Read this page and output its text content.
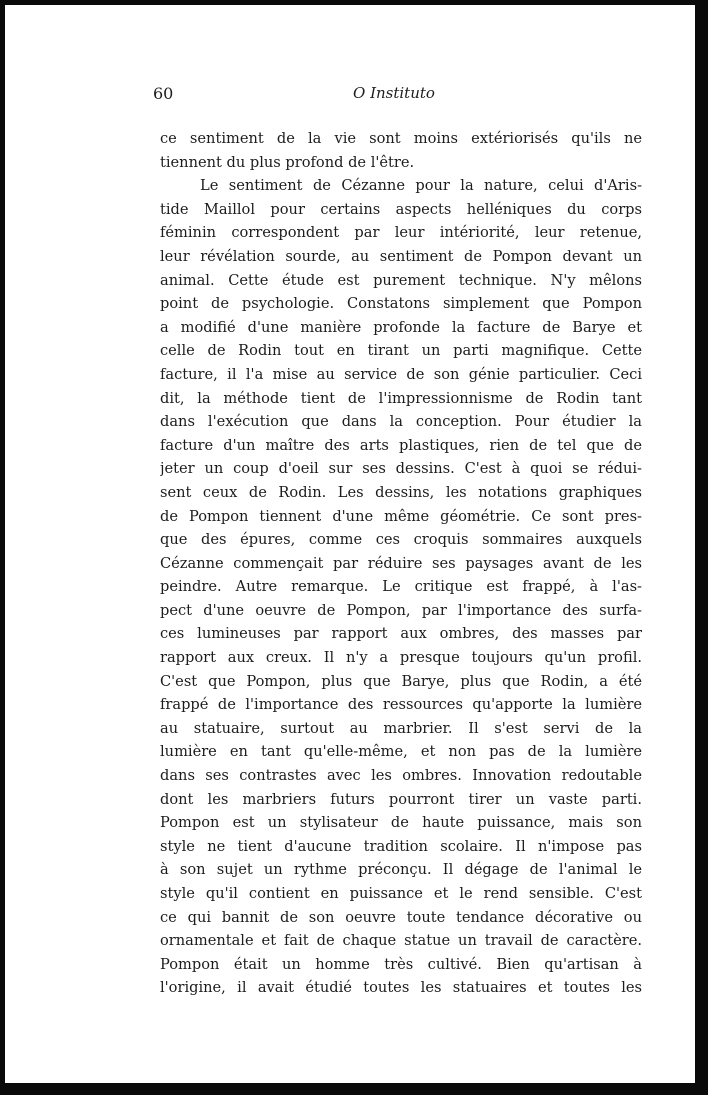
60	O Instituto
ce sentiment de la vie sont moins extériorisés qu'ils ne
tiennent du plus profond de l'être.
Le sentiment de Cézanne pour la nature, celui d'Aris-
tide Maillol pour certains aspects helléniques du corps
féminin correspondent par leur intériorité, leur retenue,
leur révélation sourde, au sentiment de Pompon devant un
animal. Cette étude est purement technique. N'y mêlons
point de psychologie. Constatons simplement que Pompon
a modifié d'une manière profonde la facture de Barye et
celle de Rodin tout en tirant un parti magnifique. Cette
facture, il l'a mise au service de son génie particulier. Ceci
dit, la méthode tient de l'impressionnisme de Rodin tant
dans l'exécution que dans la conception. Pour étudier la
facture d'un maître des arts plastiques, rien de tel que de
jeter un coup d'oeil sur ses dessins. C'est à quoi se rédui-
sent ceux de Rodin. Les dessins, les notations graphiques
de Pompon tiennent d'une même géométrie. Ce sont pres-
que des épures, comme ces croquis sommaires auxquels
Cézanne commençait par réduire ses paysages avant de les
peindre. Autre remarque. Le critique est frappé, à l'as-
pect d'une oeuvre de Pompon, par l'importance des surfa-
ces lumineuses par rapport aux ombres, des masses par
rapport aux creux. Il n'y a presque toujours qu'un profil.
C'est que Pompon, plus que Barye, plus que Rodin, a été
frappé de l'importance des ressources qu'apporte la lumière
au statuaire, surtout au marbrier. Il s'est servi de la
lumière en tant qu'elle-même, et non pas de la lumière
dans ses contrastes avec les ombres. Innovation redoutable
dont les marbriers futurs pourront tirer un vaste parti.
Pompon est un stylisateur de haute puissance, mais son
style ne tient d'aucune tradition scolaire. Il n'impose pas
à son sujet un rythme préconçu. Il dégage de l'animal le
style qu'il contient en puissance et le rend sensible. C'est
ce qui bannit de son oeuvre toute tendance décorative ou
ornamentale et fait de chaque statue un travail de caractère.
Pompon était un homme très cultivé. Bien qu'artisan à
l'origine, il avait étudié toutes les statuaires et toutes les
